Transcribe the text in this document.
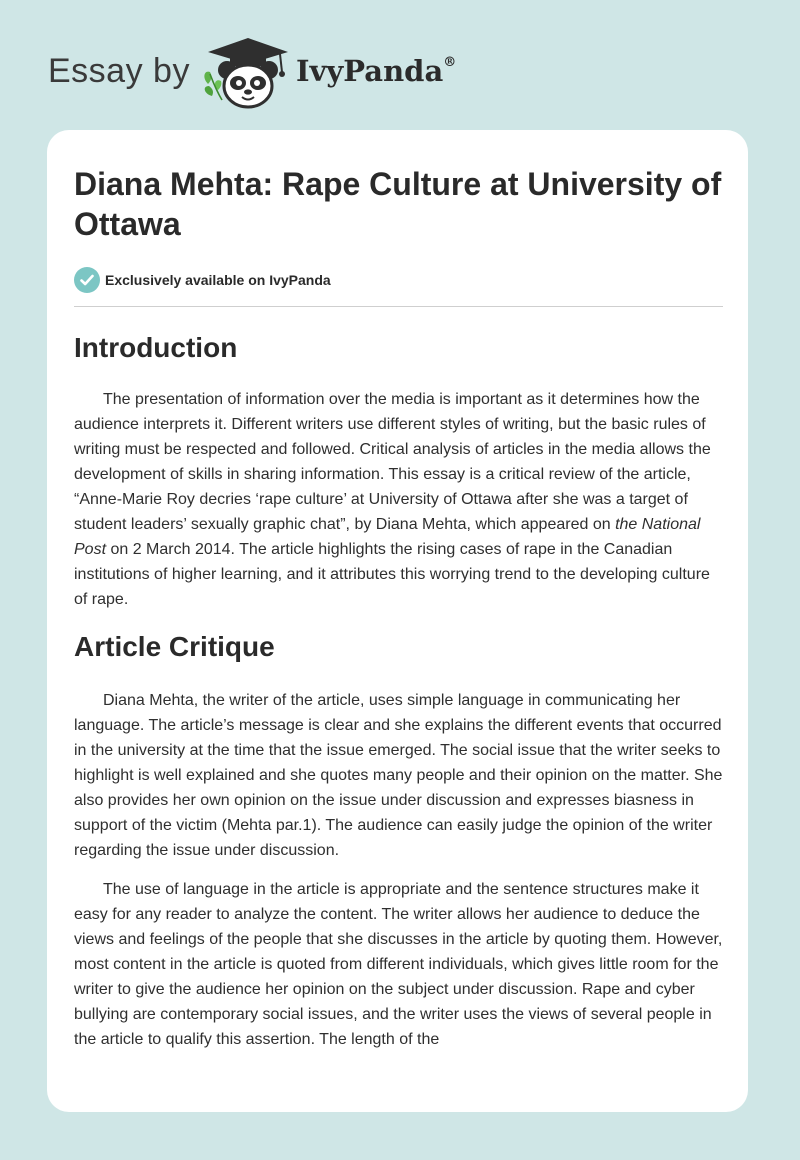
Essay by	IvyPanda®
Diana Mehta: Rape Culture at University of Ottawa
Exclusively available on IvyPanda
Introduction

The presentation of information over the media is important as it determines how the audience interprets it. Different writers use different styles of writing, but the basic rules of writing must be respected and followed. Critical analysis of articles in the media allows the development of skills in sharing information. This essay is a critical review of the article, “Anne-Marie Roy decries ‘rape culture’ at University of Ottawa after she was a target of student leaders’ sexually graphic chat”, by Diana Mehta, which appeared on the National Post on 2 March 2014. The article highlights the rising cases of rape in the Canadian institutions of higher learning, and it attributes this worrying trend to the developing culture of rape.

Article Critique

Diana Mehta, the writer of the article, uses simple language in communicating her language. The article’s message is clear and she explains the different events that occurred in the university at the time that the issue emerged. The social issue that the writer seeks to highlight is well explained and she quotes many people and their opinion on the matter. She also provides her own opinion on the issue under discussion and expresses biasness in support of the victim (Mehta par.1). The audience can easily judge the opinion of the writer regarding the issue under discussion.

The use of language in the article is appropriate and the sentence structures make it easy for any reader to analyze the content. The writer allows her audience to deduce the views and feelings of the people that she discusses in the article by quoting them. However, most content in the article is quoted from different individuals, which gives little room for the writer to give the audience her opinion on the subject under discussion. Rape and cyber bullying are contemporary social issues, and the writer uses the views of several people in the article to qualify this assertion. The length of the
